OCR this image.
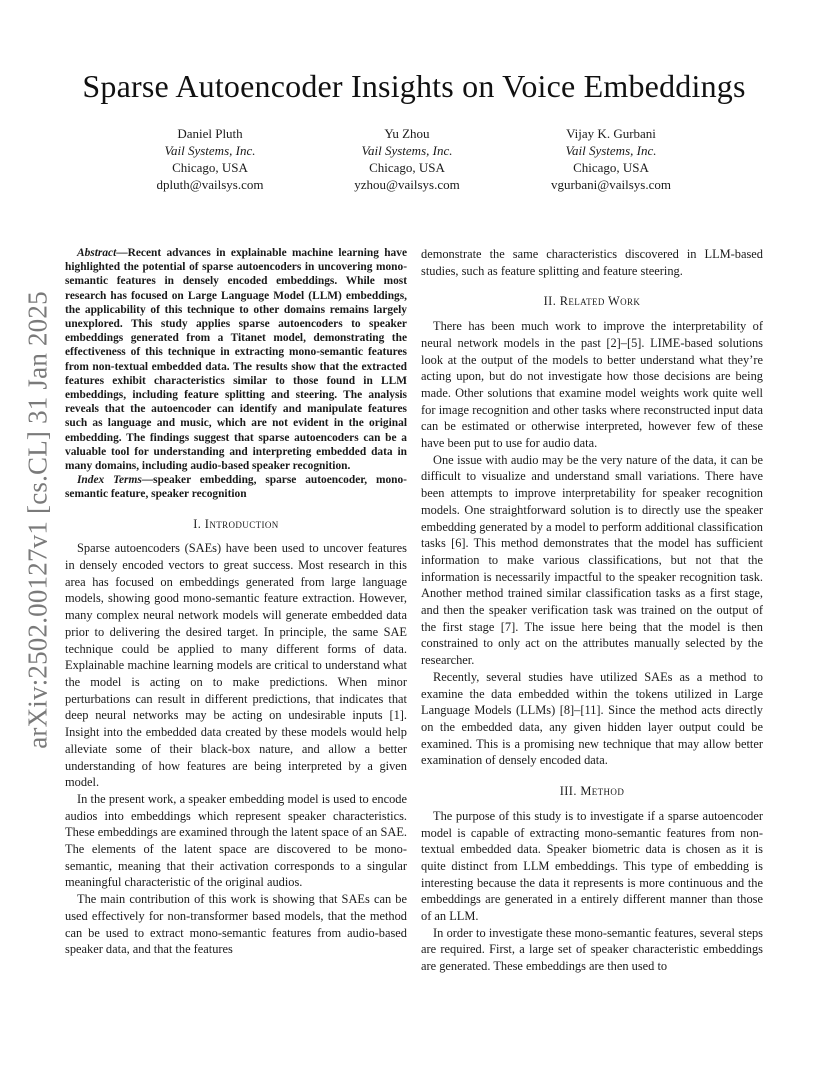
arXiv:2502.00127v1 [cs.CL] 31 Jan 2025
Sparse Autoencoder Insights on Voice Embeddings
Daniel Pluth
Vail Systems, Inc.
Chicago, USA
dpluth@vailsys.com
Yu Zhou
Vail Systems, Inc.
Chicago, USA
yzhou@vailsys.com
Vijay K. Gurbani
Vail Systems, Inc.
Chicago, USA
vgurbani@vailsys.com

Abstract—Recent advances in explainable machine learning have highlighted the potential of sparse autoencoders in uncovering mono-semantic features in densely encoded embeddings. While most research has focused on Large Language Model (LLM) embeddings, the applicability of this technique to other domains remains largely unexplored. This study applies sparse autoencoders to speaker embeddings generated from a Titanet model, demonstrating the effectiveness of this technique in extracting mono-semantic features from non-textual embedded data. The results show that the extracted features exhibit characteristics similar to those found in LLM embeddings, including feature splitting and steering. The analysis reveals that the autoencoder can identify and manipulate features such as language and music, which are not evident in the original embedding. The findings suggest that sparse autoencoders can be a valuable tool for understanding and interpreting embedded data in many domains, including audio-based speaker recognition.

Index Terms—speaker embedding, sparse autoencoder, mono-semantic feature, speaker recognition

I. Introduction

Sparse autoencoders (SAEs) have been used to uncover features in densely encoded vectors to great success. Most research in this area has focused on embeddings generated from large language models, showing good mono-semantic feature extraction. However, many complex neural network models will generate embedded data prior to delivering the desired target. In principle, the same SAE technique could be applied to many different forms of data. Explainable machine learning models are critical to understand what the model is acting on to make predictions. When minor perturbations can result in different predictions, that indicates that deep neural networks may be acting on undesirable inputs [1]. Insight into the embedded data created by these models would help alleviate some of their black-box nature, and allow a better understanding of how features are being interpreted by a given model.

In the present work, a speaker embedding model is used to encode audios into embeddings which represent speaker characteristics. These embeddings are examined through the latent space of an SAE. The elements of the latent space are discovered to be mono-semantic, meaning that their activation corresponds to a singular meaningful characteristic of the original audios.

The main contribution of this work is showing that SAEs can be used effectively for non-transformer based models, that the method can be used to extract mono-semantic features from audio-based speaker data, and that the features

demonstrate the same characteristics discovered in LLM-based studies, such as feature splitting and feature steering.

II. Related Work

There has been much work to improve the interpretability of neural network models in the past [2]–[5]. LIME-based solutions look at the output of the models to better understand what they’re acting upon, but do not investigate how those decisions are being made. Other solutions that examine model weights work quite well for image recognition and other tasks where reconstructed input data can be estimated or otherwise interpreted, however few of these have been put to use for audio data.

One issue with audio may be the very nature of the data, it can be difficult to visualize and understand small variations. There have been attempts to improve interpretability for speaker recognition models. One straightforward solution is to directly use the speaker embedding generated by a model to perform additional classification tasks [6]. This method demonstrates that the model has sufficient information to make various classifications, but not that the information is necessarily impactful to the speaker recognition task. Another method trained similar classification tasks as a first stage, and then the speaker verification task was trained on the output of the first stage [7]. The issue here being that the model is then constrained to only act on the attributes manually selected by the researcher.

Recently, several studies have utilized SAEs as a method to examine the data embedded within the tokens utilized in Large Language Models (LLMs) [8]–[11]. Since the method acts directly on the embedded data, any given hidden layer output could be examined. This is a promising new technique that may allow better examination of densely encoded data.

III. Method

The purpose of this study is to investigate if a sparse autoencoder model is capable of extracting mono-semantic features from non-textual embedded data. Speaker biometric data is chosen as it is quite distinct from LLM embeddings. This type of embedding is interesting because the data it represents is more continuous and the embeddings are generated in a entirely different manner than those of an LLM.

In order to investigate these mono-semantic features, several steps are required. First, a large set of speaker characteristic embeddings are generated. These embeddings are then used to
